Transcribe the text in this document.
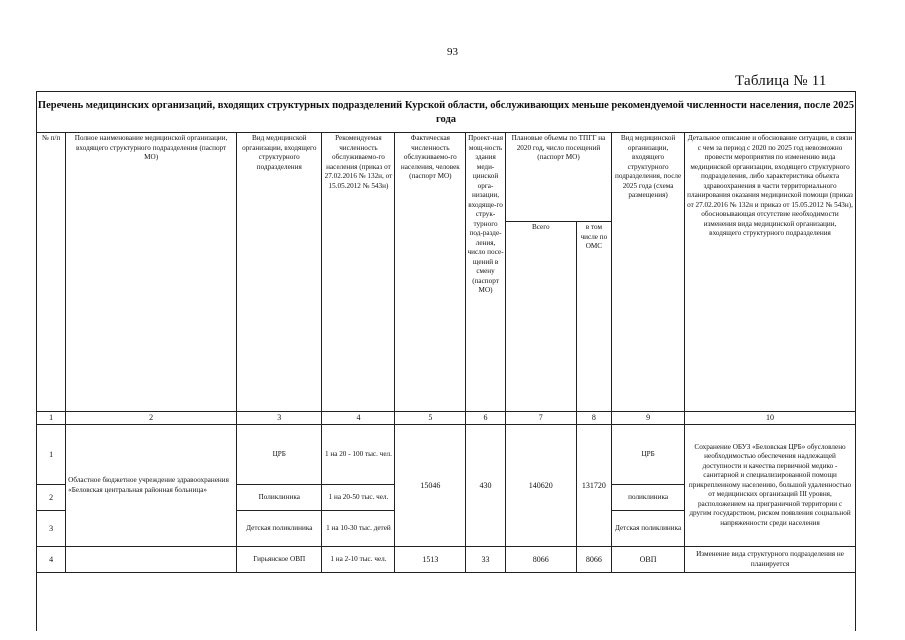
93
Таблица № 11
Перечень медицинских организаций, входящих структурных подразделений Курской области, обслуживающих меньше рекомендуемой численности населения, после 2025 года
№ п/п	Полное наименование медицинской организации, входящего структурного подразделения (паспорт МО)	Вид медицинской организации, входящего структурного подразделения	Рекомендуемая численность обслуживаемо-го населения (приказ от 27.02.2016 № 132н, от 15.05.2012 № 543н)	Фактическая численность обслуживаемо-го населения, человек (паспорт МО)	Проект-ная мощ-ность здания меди-цинской орга-низации, входяще-го струк-турного под-разде-ления, число посе-щений в смену (паспорт МО)	Плановые объемы по ТПГГ на 2020 год, число посещений (паспорт МО)		Вид медицинской организации, входящего структурного подразделения, после 2025 года (схема размещения)	Детальное описание и обоснование ситуации, в связи с чем за период с 2020 по 2025 год невозможно провести мероприятия по изменению вида медицинской организации, входящего структурного подразделения, либо характеристика объекта здравоохранения в части территориального планирования оказания медицинской помощи (приказ от 27.02.2016 № 132н и приказ от 15.05.2012 № 543н), обосновывающая отсутствие необходимости изменения вида медицинской организации, входящего структурного подразделения
						Всего	в том числе по ОМС		
1	2	3	4	5	6	7	8	9	10
1	Областное бюджетное учреждение здравоохранения «Беловская центральная районная больница»	ЦРБ	1 на 20 - 100 тыс. чел.	15046	430	140620	131720	ЦРБ	Сохранение ОБУЗ «Беловская ЦРБ» обусловлено необходимостью обеспечения надлежащей доступности и качества первичной медико - санитарной и специализированной помощи прикрепленному населению, большой удаленностью от медицинских организаций III уровня, расположением на приграничной территории с другим государством, риском появления социальной напряженности среди населения
2		Поликлиника	1 на 20-50 тыс. чел.					поликлиника	
3		Детская поликлиника	1 на 10-30 тыс. детей					Детская поликлиника	
4		Гирьянское ОВП	1 на 2-10 тыс. чел.	1513	33	8066	8066	ОВП	Изменение вида структурного подразделения не планируется
